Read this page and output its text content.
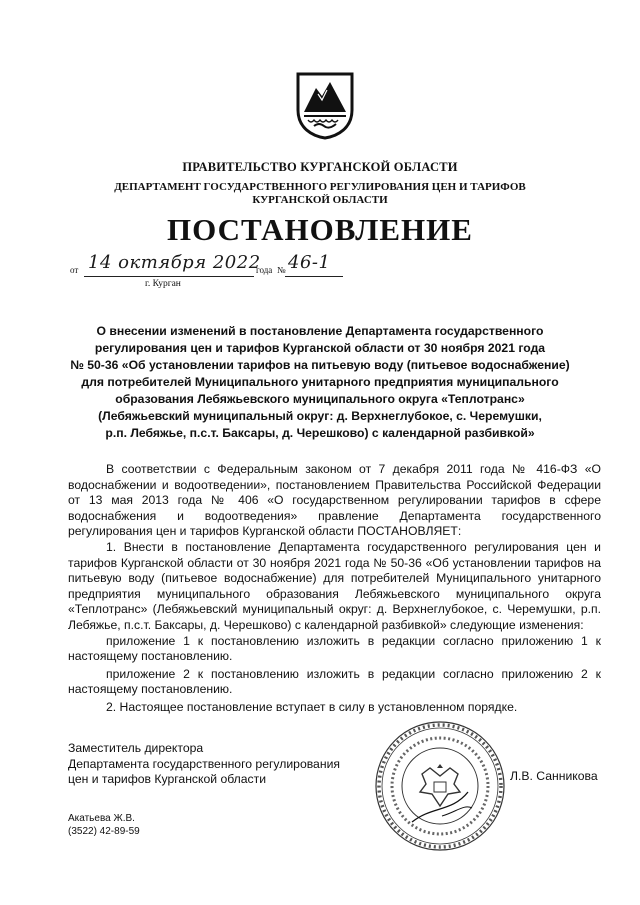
ПРАВИТЕЛЬСТВО КУРГАНСКОЙ ОБЛАСТИ
ДЕПАРТАМЕНТ ГОСУДАРСТВЕННОГО РЕГУЛИРОВАНИЯ ЦЕН И ТАРИФОВ
КУРГАНСКОЙ ОБЛАСТИ
ПОСТАНОВЛЕНИЕ
от 14 октября 2022
года № 46-1
г. Курган
О внесении изменений в постановление Департамента государственного
регулирования цен и тарифов Курганской области от 30 ноября 2021 года
№ 50-36 «Об установлении тарифов на питьевую воду (питьевое водоснабжение)
для потребителей Муниципального унитарного предприятия муниципального
образования Лебяжьевского муниципального округа «Теплотранс»
(Лебяжьевский муниципальный округ: д. Верхнеглубокое, с. Черемушки,
р.п. Лебяжье, п.с.т. Баксары, д. Черешково) с календарной разбивкой»

В соответствии с Федеральным законом от 7 декабря 2011 года № 416-ФЗ «О водоснабжении и водоотведении», постановлением Правительства Российской Федерации от 13 мая 2013 года № 406 «О государственном регулировании тарифов в сфере водоснабжения и водоотведения» правление Департамента государственного регулирования цен и тарифов Курганской области ПОСТАНОВЛЯЕТ:

1. Внести в постановление Департамента государственного регулирования цен и тарифов Курганской области от 30 ноября 2021 года № 50-36 «Об установлении тарифов на питьевую воду (питьевое водоснабжение) для потребителей Муниципального унитарного предприятия муниципального образования Лебяжьевского муниципального округа «Теплотранс» (Лебяжьевский муниципальный округ: д. Верхнеглубокое, с. Черемушки, р.п. Лебяжье, п.с.т. Баксары, д. Черешково) с календарной разбивкой» следующие изменения:

приложение 1 к постановлению изложить в редакции согласно приложению 1 к настоящему постановлению.

приложение 2 к постановлению изложить в редакции согласно приложению 2 к настоящему постановлению.

2. Настоящее постановление вступает в силу в установленном порядке.

Заместитель директора
Департамента государственного регулирования
цен и тарифов Курганской области	Л.В. Санникова
Акатьева Ж.В.
(3522) 42-89-59
